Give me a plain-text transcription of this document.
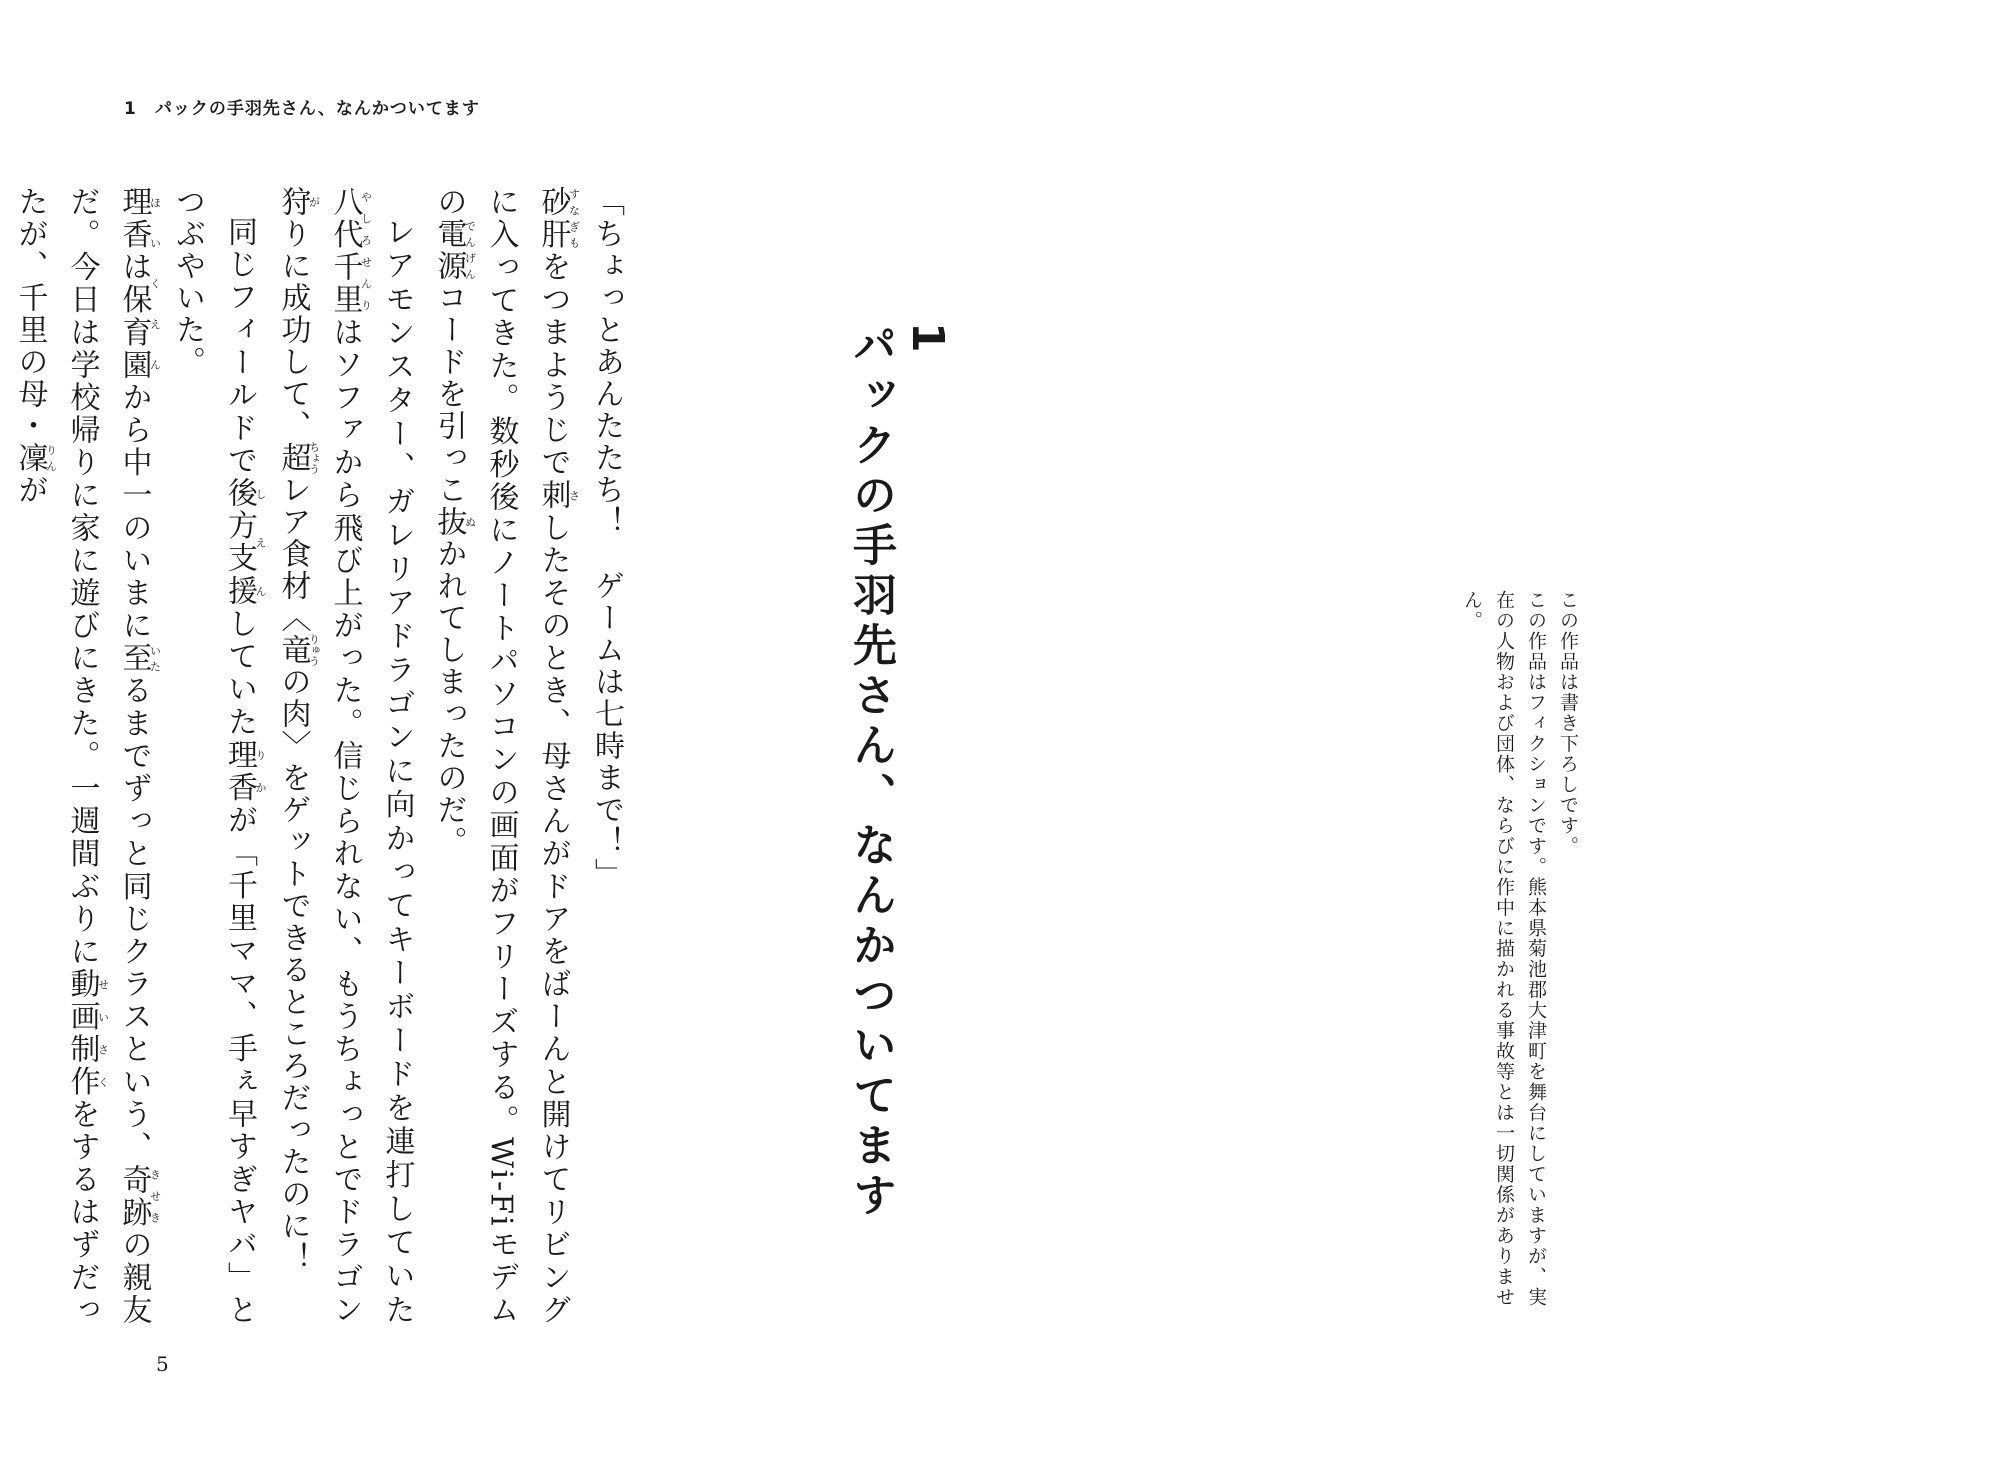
1 パックの手羽先さん、なんかついてます

「ちょっとあんたたち！　ゲームは七時まで！」

砂肝すなぎもをつまようじで刺さしたそのとき、母さんがドアをばーんと開けてリビングに入ってきた。数秒後にノートパソコンの画面がフリーズする。Wi-Fiモデムの電源でんげんコードを引っこ抜ぬかれてしまったのだ。

レアモンスター、ガレリアドラゴンに向かってキーボードを連打していた八代やしろ千里せんりはソファから飛び上がった。信じられない、もうちょっとでドラゴン狩がりに成功して、超ちょうレア食材〈竜りゅうの肉〉をゲットできるところだったのに！

同じフィールドで後方支援しえんしていた理香りかが「千里ママ、手ぇ早すぎヤバ」とつぶやいた。

理香は保育園ほいくえんから中一のいまに至いたるまでずっと同じクラスという、奇跡きせきの親友だ。今日は学校帰りに家に遊びにきた。一週間ぶりに動画制作せいさくをするはずだったが、千里の母・凜りんが

5
1
パックの手羽先さん、なんかついてます	この作品は書き下ろしです。

この作品はフィクションです。熊本県菊池郡大津町を舞台にしていますが、実在の人物および団体、ならびに作中に描かれる事故等とは一切関係がありません。
